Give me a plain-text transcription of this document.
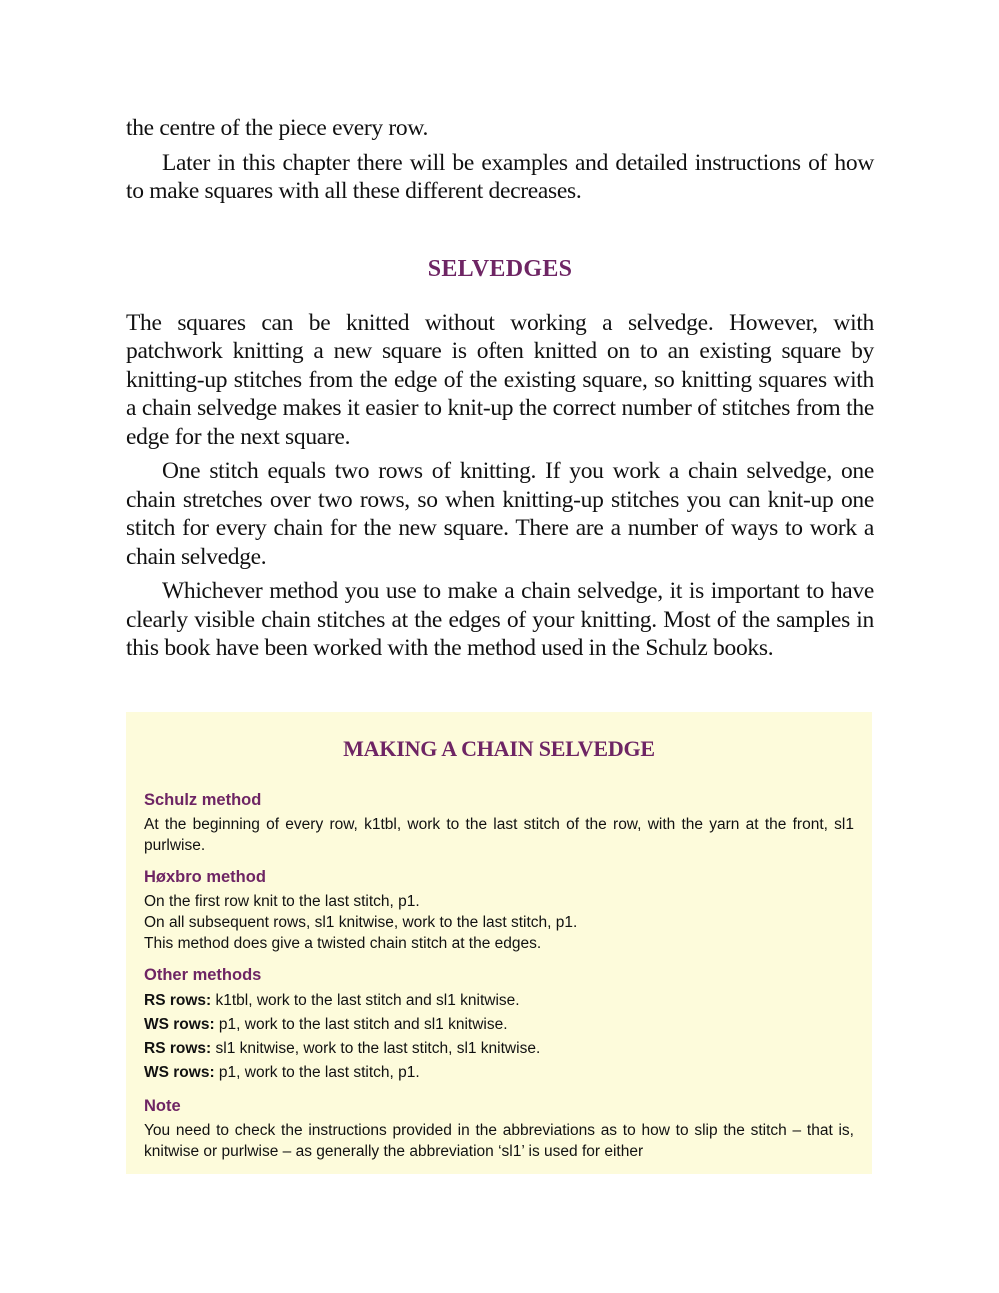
the centre of the piece every row.

Later in this chapter there will be examples and detailed instructions of how to make squares with all these different decreases.

SELVEDGES

The squares can be knitted without working a selvedge. However, with patchwork knitting a new square is often knitted on to an existing square by knitting-up stitches from the edge of the existing square, so knitting squares with a chain selvedge makes it easier to knit-up the correct number of stitches from the edge for the next square.

One stitch equals two rows of knitting. If you work a chain selvedge, one chain stretches over two rows, so when knitting-up stitches you can knit-up one stitch for every chain for the new square. There are a number of ways to work a chain selvedge.

Whichever method you use to make a chain selvedge, it is important to have clearly visible chain stitches at the edges of your knitting. Most of the samples in this book have been worked with the method used in the Schulz books.

MAKING A CHAIN SELVEDGE

Schulz method

At the beginning of every row, k1tbl, work to the last stitch of the row, with the yarn at the front, sl1 purlwise.

Høxbro method

On the first row knit to the last stitch, p1.

On all subsequent rows, sl1 knitwise, work to the last stitch, p1.

This method does give a twisted chain stitch at the edges.

Other methods

RS rows: k1tbl, work to the last stitch and sl1 knitwise.

WS rows: p1, work to the last stitch and sl1 knitwise.

RS rows: sl1 knitwise, work to the last stitch, sl1 knitwise.

WS rows: p1, work to the last stitch, p1.

Note

You need to check the instructions provided in the abbreviations as to how to slip the stitch – that is, knitwise or purlwise – as generally the abbreviation ‘sl1’ is used for either
